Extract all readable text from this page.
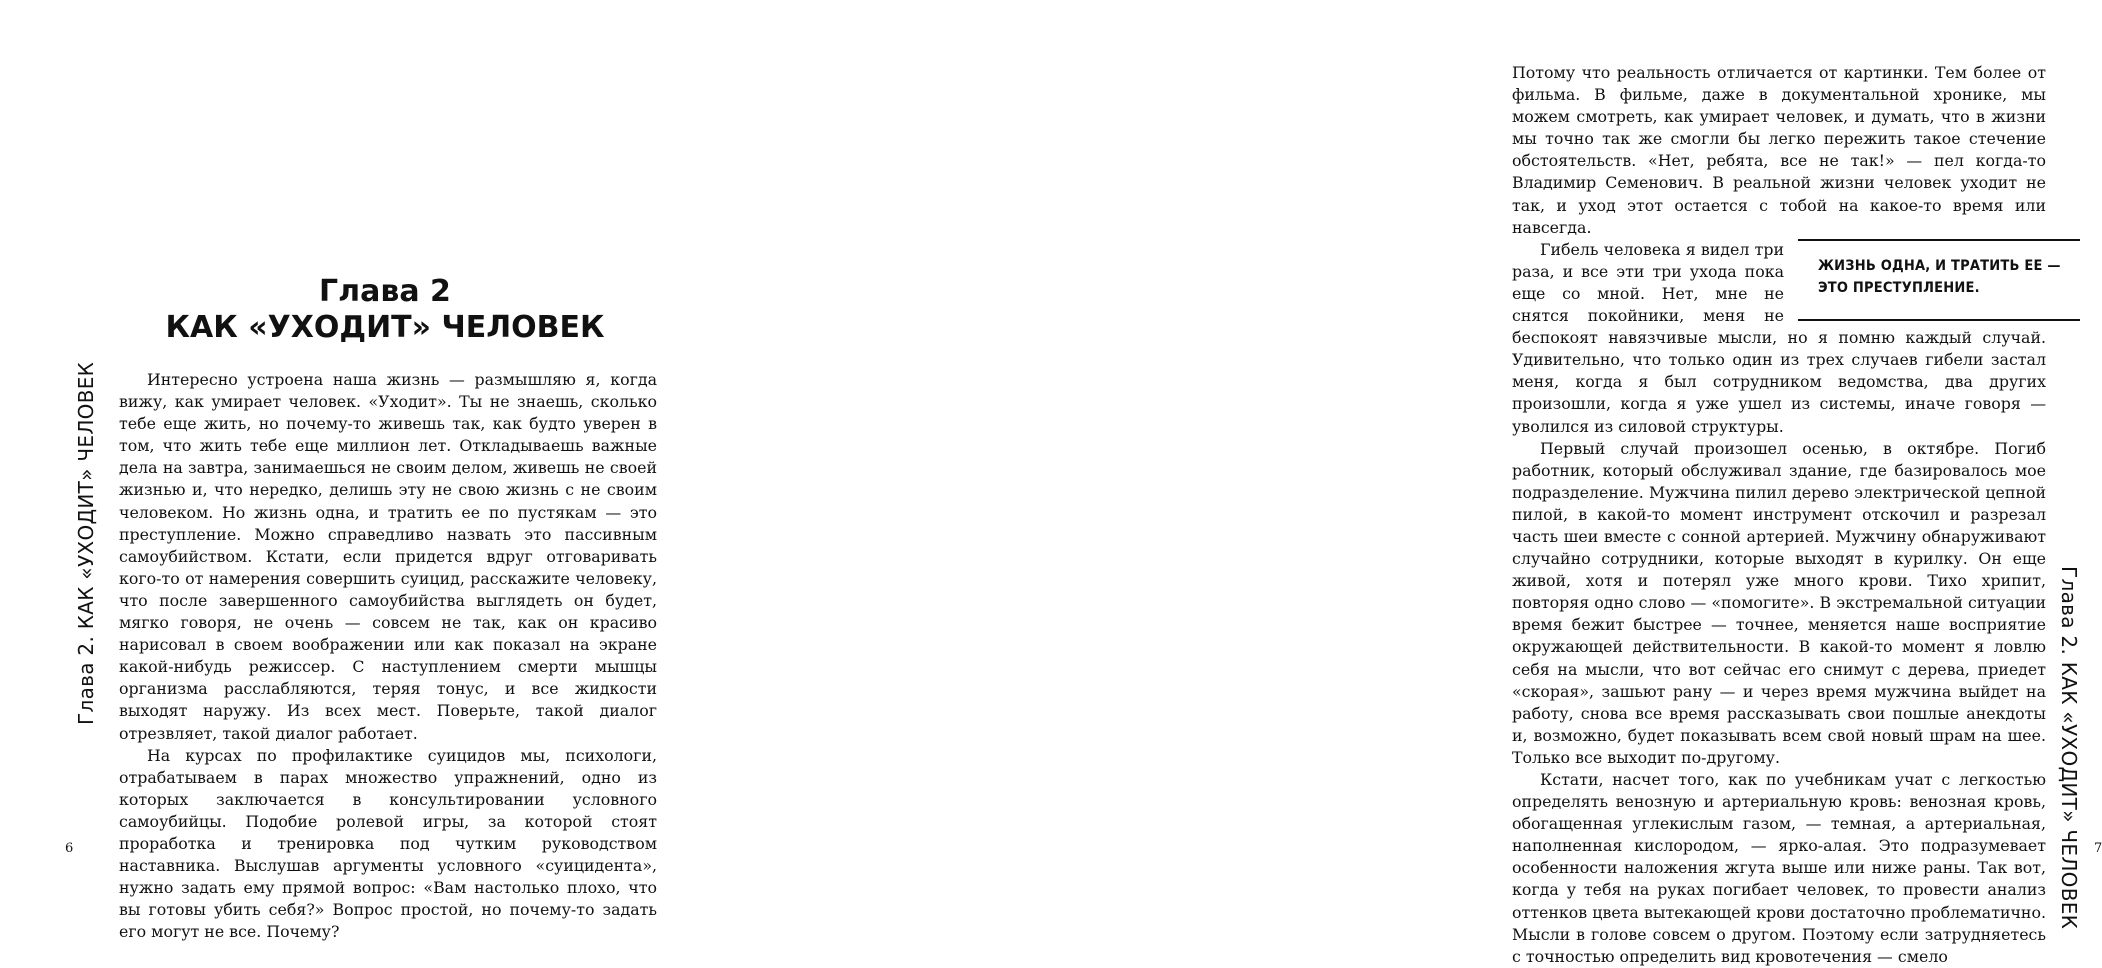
Глава 2. КАК «УХОДИТ» ЧЕЛОВЕК
6
Глава 2
КАК «УХОДИТ» ЧЕЛОВЕК

Интересно устроена наша жизнь — размышляю я, когда вижу, как умирает человек. «Уходит». Ты не знаешь, сколько тебе еще жить, но почему-то живешь так, как будто уверен в том, что жить тебе еще миллион лет. Откладываешь важные дела на завтра, занимаешься не своим делом, живешь не своей жизнью и, что нередко, делишь эту не свою жизнь с не своим человеком. Но жизнь одна, и тратить ее по пустякам — это преступление. Можно справедливо назвать это пассивным самоубийством. Кстати, если придется вдруг отговаривать кого-то от намерения совершить суицид, расскажите человеку, что после завершенного самоубийства выглядеть он будет, мягко говоря, не очень — совсем не так, как он красиво нарисовал в своем воображении или как показал на экране какой-нибудь режиссер. С наступлением смерти мышцы организма расслабляются, теряя тонус, и все жидкости выходят наружу. Из всех мест. Поверьте, такой диалог отрезвляет, такой диалог работает.

На курсах по профилактике суицидов мы, психологи, отрабатываем в парах множество упражнений, одно из которых заключается в консультировании условного самоубийцы. Подобие ролевой игры, за которой стоят проработка и тренировка под чутким руководством наставника. Выслушав аргументы условного «суицидента», нужно задать ему прямой вопрос: «Вам настолько плохо, что вы готовы убить себя?» Вопрос простой, но почему-то задать его могут не все. Почему?

Глава 2. КАК «УХОДИТ» ЧЕЛОВЕК 7

Потому что реальность отличается от картинки. Тем более от фильма. В фильме, даже в документальной хронике, мы можем смотреть, как умирает человек, и думать, что в жизни мы точно так же смогли бы легко пережить такое стечение обстоятельств. «Нет, ребята, все не так!» — пел когда-то Владимир Семенович. В реальной жизни человек уходит не так, и уход этот остается с тобой на какое-то время или навсегда.

ЖИЗНЬ ОДНА, И ТРАТИТЬ ЕЕ — ЭТО ПРЕСТУПЛЕНИЕ.

Гибель человека я видел три раза, и все эти три ухода пока еще со мной. Нет, мне не снятся покойники, меня не беспокоят навязчивые мысли, но я помню каждый случай. Удивительно, что только один из трех случаев гибели застал меня, когда я был сотрудником ведомства, два других произошли, когда я уже ушел из системы, иначе говоря — уволился из силовой структуры.

Первый случай произошел осенью, в октябре. Погиб работник, который обслуживал здание, где базировалось мое подразделение. Мужчина пилил дерево электрической цепной пилой, в какой-то момент инструмент отскочил и разрезал часть шеи вместе с сонной артерией. Мужчину обнаруживают случайно сотрудники, которые выходят в курилку. Он еще живой, хотя и потерял уже много крови. Тихо хрипит, повторяя одно слово — «помогите». В экстремальной ситуации время бежит быстрее — точнее, меняется наше восприятие окружающей действительности. В какой-то момент я ловлю себя на мысли, что вот сейчас его снимут с дерева, приедет «скорая», зашьют рану — и через время мужчина выйдет на работу, снова все время рассказывать свои пошлые анекдоты и, возможно, будет показывать всем свой новый шрам на шее. Только все выходит по-другому.

Кстати, насчет того, как по учебникам учат с легкостью определять венозную и артериальную кровь: венозная кровь, обогащенная углекислым газом, — темная, а артериальная, наполненная кислородом, — ярко-алая. Это подразумевает особенности наложения жгута выше или ниже раны. Так вот, когда у тебя на руках погибает человек, то провести анализ оттенков цвета вытекающей крови достаточно проблематично. Мысли в голове совсем о другом. Поэтому если затрудняетесь с точностью определить вид кровотечения — смело
